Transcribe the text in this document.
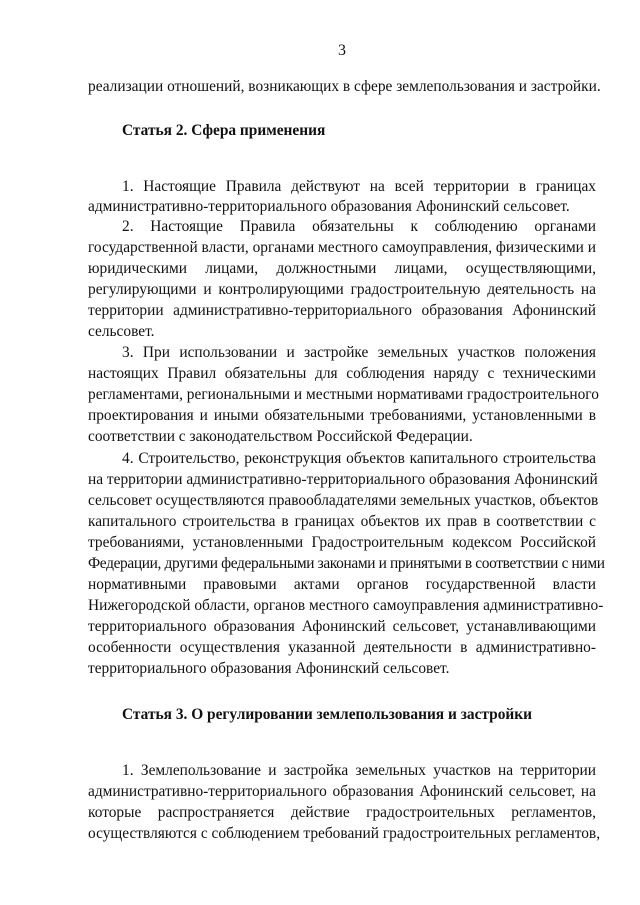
3
реализации отношений, возникающих в сфере землепользования и застройки.
Статья 2. Сфера применения
1. Настоящие Правила действуют на всей территории в границах
административно-территориального образования Афонинский сельсовет.
2. Настоящие Правила обязательны к соблюдению органами
государственной власти, органами местного самоуправления, физическими и
юридическими лицами, должностными лицами, осуществляющими,
регулирующими и контролирующими градостроительную деятельность на
территории административно-территориального образования Афонинский
сельсовет.
3. При использовании и застройке земельных участков положения
настоящих Правил обязательны для соблюдения наряду с техническими
регламентами, региональными и местными нормативами градостроительного
проектирования и иными обязательными требованиями, установленными в
соответствии с законодательством Российской Федерации.
4. Строительство, реконструкция объектов капитального строительства
на территории административно-территориального образования Афонинский
сельсовет осуществляются правообладателями земельных участков, объектов
капитального строительства в границах объектов их прав в соответствии с
требованиями, установленными Градостроительным кодексом Российской
Федерации, другими федеральными законами и принятыми в соответствии с ними
нормативными правовыми актами органов государственной власти
Нижегородской области, органов местного самоуправления административно-
территориального образования Афонинский сельсовет, устанавливающими
особенности осуществления указанной деятельности в административно-
территориального образования Афонинский сельсовет.
Статья 3. О регулировании землепользования и застройки
1. Землепользование и застройка земельных участков на территории
административно-территориального образования Афонинский сельсовет, на
которые распространяется действие градостроительных регламентов,
осуществляются с соблюдением требований градостроительных регламентов,
